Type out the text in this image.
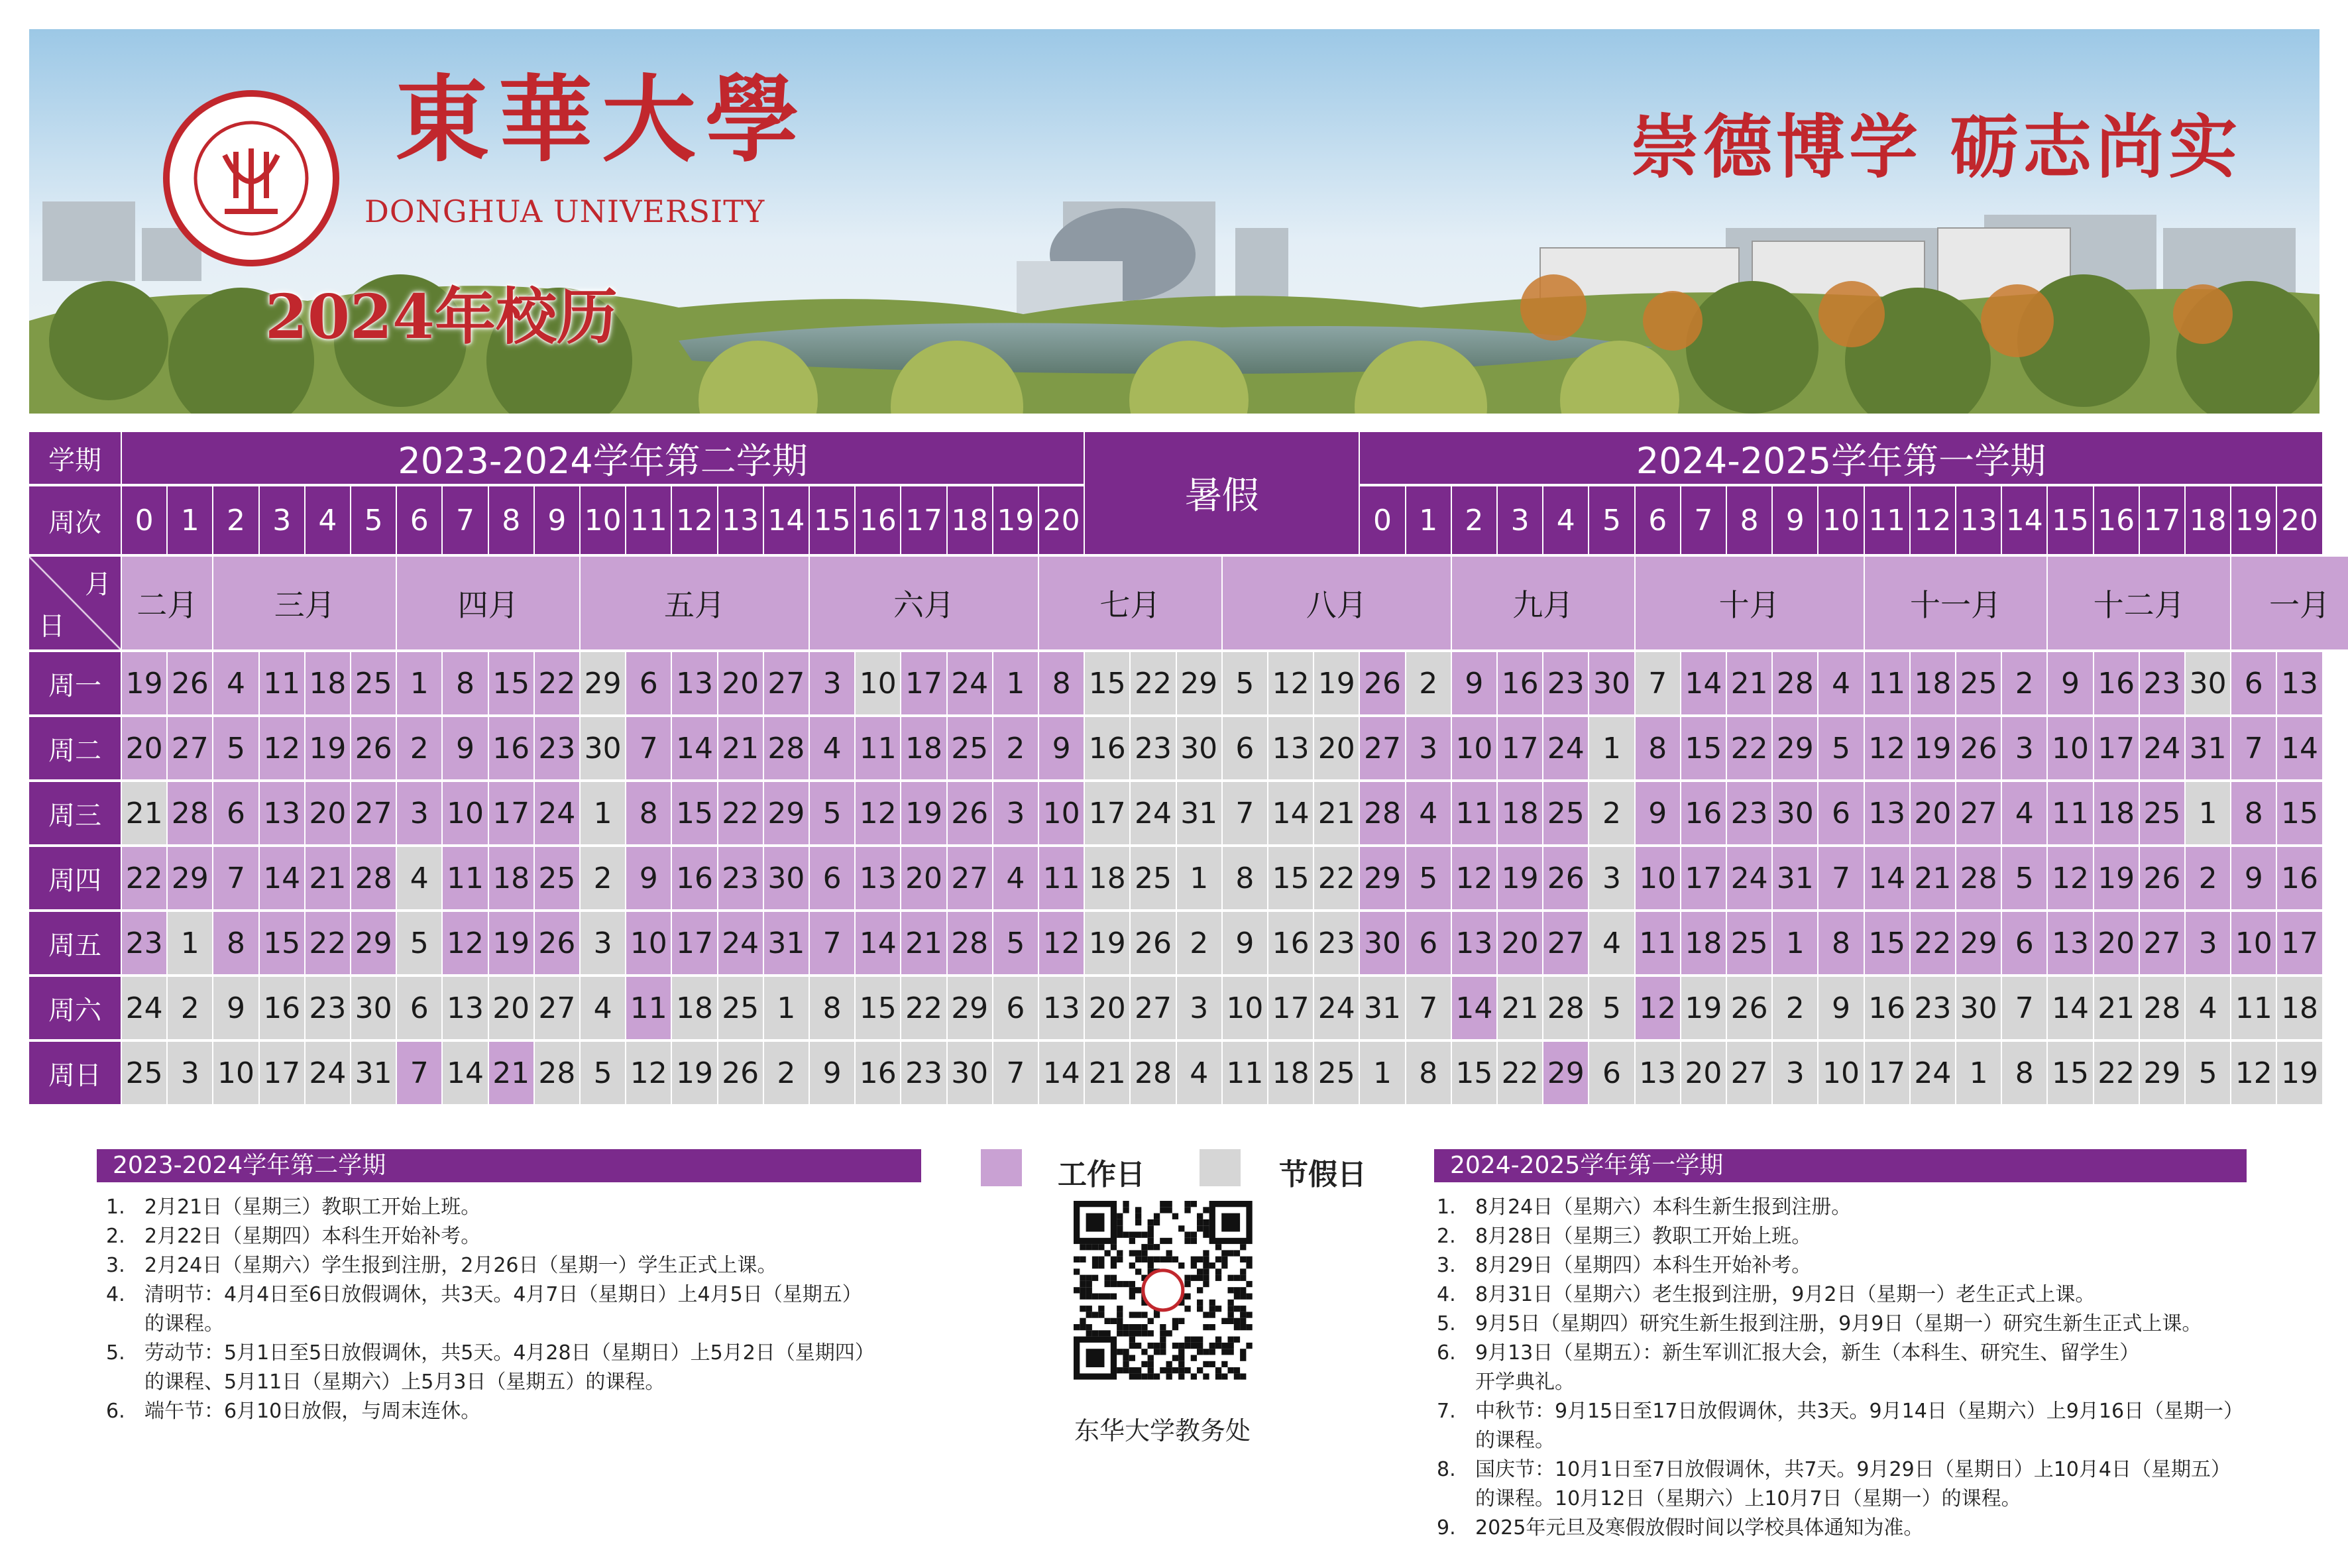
東華大學
DONGHUA UNIVERSITY
2024年校历
崇德博学 砺志尚实
学期	2023-2024学年第二学期
暑假
2024-2025学年第一学期
周次	0 1 2 3 4 5 6 7 8 9 10 11 12 13 14 15 16 17 18 19 20	0 1 2 3 4 5 6 7 8 9 10 11 12 13 14 15 16 17 18 19 20
月
日
二月	三月	四月	五月	六月	七月	八月	九月	十月	十一月	十二月	一月
周一 19 26 4 11 18 25 1 8 15 22 29 6 13 20 27 3 10 17 24 1 8 15 22 29 5 12 19 26 2 9 16 23 30 7 14 21 28 4 11 18 25 2 9 16 23 30 6 13
周二 20 27 5 12 19 26 2 9 16 23 30 7 14 21 28 4 11 18 25 2 9 16 23 30 6 13 20 27 3 10 17 24 1 8 15 22 29 5 12 19 26 3 10 17 24 31 7 14
周三 21 28 6 13 20 27 3 10 17 24 1 8 15 22 29 5 12 19 26 3 10 17 24 31 7 14 21 28 4 11 18 25 2 9 16 23 30 6 13 20 27 4 11 18 25 1 8 15
周四 22 29 7 14 21 28 4 11 18 25 2 9 16 23 30 6 13 20 27 4 11 18 25 1 8 15 22 29 5 12 19 26 3 10 17 24 31 7 14 21 28 5 12 19 26 2 9 16
周五 23 1 8 15 22 29 5 12 19 26 3 10 17 24 31 7 14 21 28 5 12 19 26 2 9 16 23 30 6 13 20 27 4 11 18 25 1 8 15 22 29 6 13 20 27 3 10 17
周六 24 2 9 16 23 30 6 13 20 27 4 11 18 25 1 8 15 22 29 6 13 20 27 3 10 17 24 31 7 14 21 28 5 12 19 26 2 9 16 23 30 7 14 21 28 4 11 18
周日 25 3 10 17 24 31 7 14 21 28 5 12 19 26 2 9 16 23 30 7 14 21 28 4 11 18 25 1 8 15 22 29 6 13 20 27 3 10 17 24 1 8 15 22 29 5 12 19
2023-2024学年第二学期
1. 2月21日（星期三）教职工开始上班。
2. 2月22日（星期四）本科生开始补考。
3. 2月24日（星期六）学生报到注册，2月26日（星期一）学生正式上课。
4. 清明节：4月4日至6日放假调休，共3天。4月7日（星期日）上4月5日（星期五）
的课程。
5. 劳动节：5月1日至5日放假调休，共5天。4月28日（星期日）上5月2日（星期四）
的课程、5月11日（星期六）上5月3日（星期五）的课程。
6. 端午节：6月10日放假，与周末连休。
工作日	节假日
东华大学教务处
2024-2025学年第一学期
1. 8月24日（星期六）本科生新生报到注册。
2. 8月28日（星期三）教职工开始上班。
3. 8月29日（星期四）本科生开始补考。
4. 8月31日（星期六）老生报到注册，9月2日（星期一）老生正式上课。
5. 9月5日（星期四）研究生新生报到注册，9月9日（星期一）研究生新生正式上课。
6. 9月13日（星期五）：新生军训汇报大会，新生（本科生、研究生、留学生）
开学典礼。
7. 中秋节：9月15日至17日放假调休，共3天。9月14日（星期六）上9月16日（星期一）
的课程。
8. 国庆节：10月1日至7日放假调休，共7天。9月29日（星期日）上10月4日（星期五）
的课程。10月12日（星期六）上10月7日（星期一）的课程。
9. 2025年元旦及寒假放假时间以学校具体通知为准。
